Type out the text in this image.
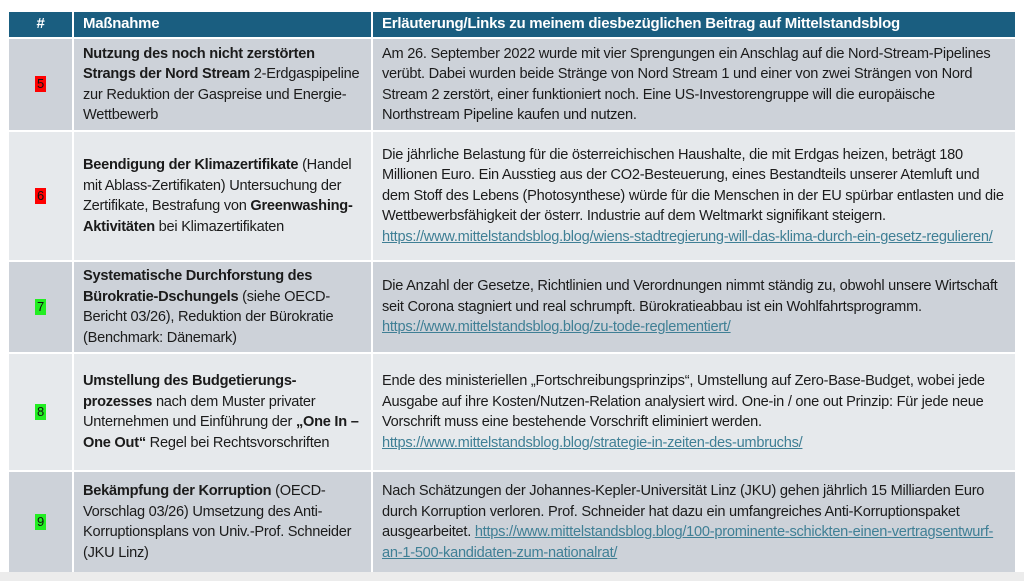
#	Maßnahme	Erläuterung/Links zu meinem diesbezüglichen Beitrag auf Mittelstandsblog
5	Nutzung des noch nicht zerstörten Strangs der Nord Stream 2-Erdgaspipeline zur Reduktion der Gaspreise und Energie-Wettbewerb	Am 26. September 2022 wurde mit vier Sprengungen ein Anschlag auf die Nord-Stream-Pipelines verübt. Dabei wurden beide Stränge von Nord Stream 1 und einer von zwei Strängen von Nord Stream 2 zerstört, einer funktioniert noch. Eine US-Investorengruppe will die europäische Northstream Pipeline kaufen und nutzen.
6	Beendigung der Klimazertifikate (Handel mit Ablass-Zertifikaten) Untersuchung der Zertifikate, Bestrafung von Greenwashing-Aktivitäten bei Klimazertifikaten	Die jährliche Belastung für die österreichischen Haushalte, die mit Erdgas heizen, beträgt 180 Millionen Euro. Ein Ausstieg aus der CO2-Besteuerung, eines Bestandteils unserer Atemluft und dem Stoff des Lebens (Photosynthese) würde für die Menschen in der EU spürbar entlasten und die Wettbewerbsfähigkeit der österr. Industrie auf dem Weltmarkt signifikant steigern. https://www.mittelstandsblog.blog/wiens-stadtregierung-will-das-klima-durch-ein-gesetz-regulieren/
7	Systematische Durchforstung des Bürokratie-Dschungels (siehe OECD-Bericht 03/26), Reduktion der Bürokratie (Benchmark: Dänemark)	Die Anzahl der Gesetze, Richtlinien und Verordnungen nimmt ständig zu, obwohl unsere Wirtschaft seit Corona stagniert und real schrumpft. Bürokratieabbau ist ein Wohlfahrtsprogramm. https://www.mittelstandsblog.blog/zu-tode-reglementiert/
8	Umstellung des Budgetierungs-prozesses nach dem Muster privater Unternehmen und Einführung der „One In – One Out“ Regel bei Rechtsvorschriften	Ende des ministeriellen „Fortschreibungsprinzips“, Umstellung auf Zero-Base-Budget, wobei jede Ausgabe auf ihre Kosten/Nutzen-Relation analysiert wird. One-in / one out Prinzip: Für jede neue Vorschrift muss eine bestehende Vorschrift eliminiert werden. https://www.mittelstandsblog.blog/strategie-in-zeiten-des-umbruchs/
9	Bekämpfung der Korruption (OECD-Vorschlag 03/26) Umsetzung des Anti-Korruptionsplans von Univ.-Prof. Schneider (JKU Linz)	Nach Schätzungen der Johannes-Kepler-Universität Linz (JKU) gehen jährlich 15 Milliarden Euro durch Korruption verloren. Prof. Schneider hat dazu ein umfangreiches Anti-Korruptionspaket ausgearbeitet. https://www.mittelstandsblog.blog/100-prominente-schickten-einen-vertragsentwurf-an-1-500-kandidaten-zum-nationalrat/
